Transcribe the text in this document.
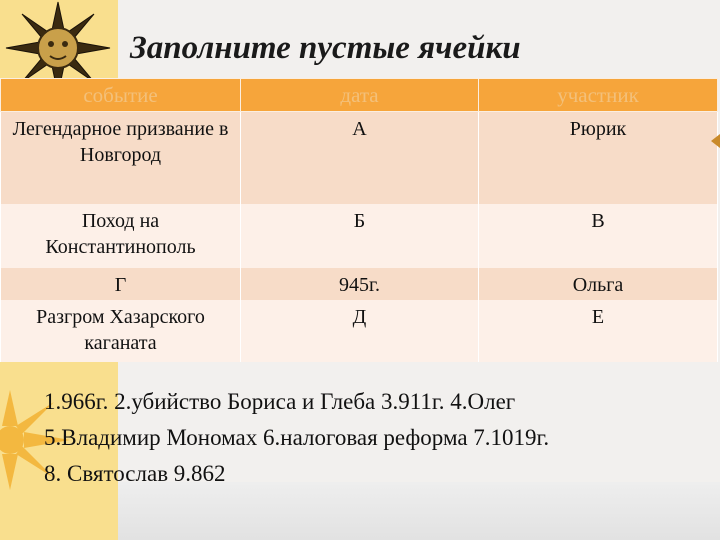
Заполните пустые ячейки
событие	дата	участник
Легендарное призвание в Новгород	А	Рюрик
Поход на Константинополь	Б	В
Г	945г.	Ольга
Разгром Хазарского каганата	Д	Е
1.966г. 2.убийство Бориса и Глеба 3.911г. 4.Олег
5.Владимир Мономах 6.налоговая реформа 7.1019г.
8. Святослав 9.862
